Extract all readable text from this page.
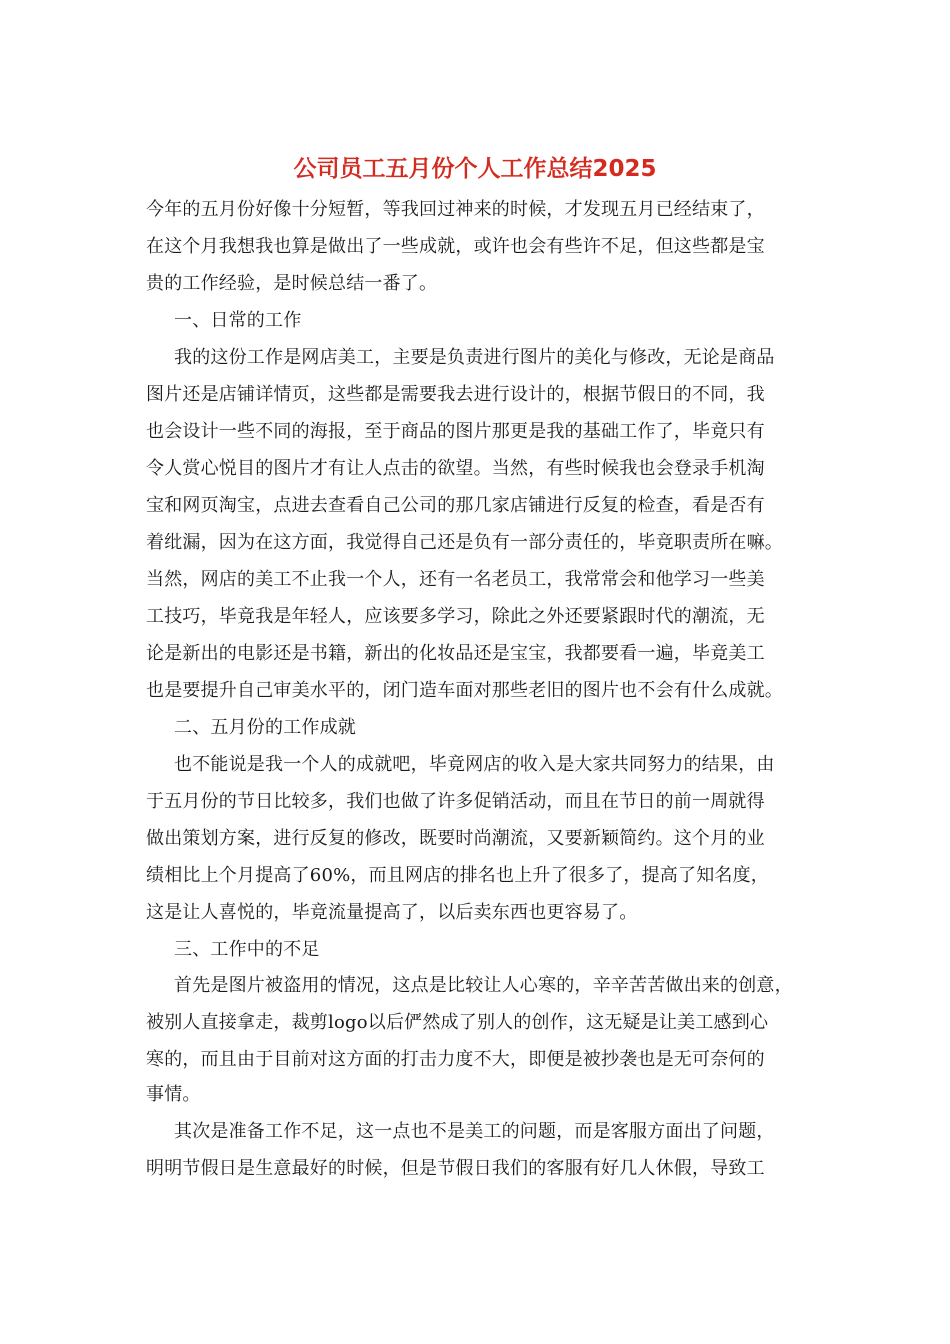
公司员工五月份个人工作总结2025
今年的五月份好像十分短暂，等我回过神来的时候，才发现五月已经结束了，
在这个月我想我也算是做出了一些成就，或许也会有些许不足，但这些都是宝
贵的工作经验，是时候总结一番了。
一、日常的工作
我的这份工作是网店美工，主要是负责进行图片的美化与修改，无论是商品
图片还是店铺详情页，这些都是需要我去进行设计的，根据节假日的不同，我
也会设计一些不同的海报，至于商品的图片那更是我的基础工作了，毕竟只有
令人赏心悦目的图片才有让人点击的欲望。当然，有些时候我也会登录手机淘
宝和网页淘宝，点进去查看自己公司的那几家店铺进行反复的检查，看是否有
着纰漏，因为在这方面，我觉得自己还是负有一部分责任的，毕竟职责所在嘛。
当然，网店的美工不止我一个人，还有一名老员工，我常常会和他学习一些美
工技巧，毕竟我是年轻人，应该要多学习，除此之外还要紧跟时代的潮流，无
论是新出的电影还是书籍，新出的化妆品还是宝宝，我都要看一遍，毕竟美工
也是要提升自己审美水平的，闭门造车面对那些老旧的图片也不会有什么成就。
二、五月份的工作成就
也不能说是我一个人的成就吧，毕竟网店的收入是大家共同努力的结果，由
于五月份的节日比较多，我们也做了许多促销活动，而且在节日的前一周就得
做出策划方案，进行反复的修改，既要时尚潮流，又要新颖简约。这个月的业
绩相比上个月提高了60%，而且网店的排名也上升了很多了，提高了知名度，
这是让人喜悦的，毕竟流量提高了，以后卖东西也更容易了。
三、工作中的不足
首先是图片被盗用的情况，这点是比较让人心寒的，辛辛苦苦做出来的创意，
被别人直接拿走，裁剪logo以后俨然成了别人的创作，这无疑是让美工感到心
寒的，而且由于目前对这方面的打击力度不大，即便是被抄袭也是无可奈何的
事情。
其次是准备工作不足，这一点也不是美工的问题，而是客服方面出了问题，
明明节假日是生意最好的时候，但是节假日我们的客服有好几人休假，导致工
